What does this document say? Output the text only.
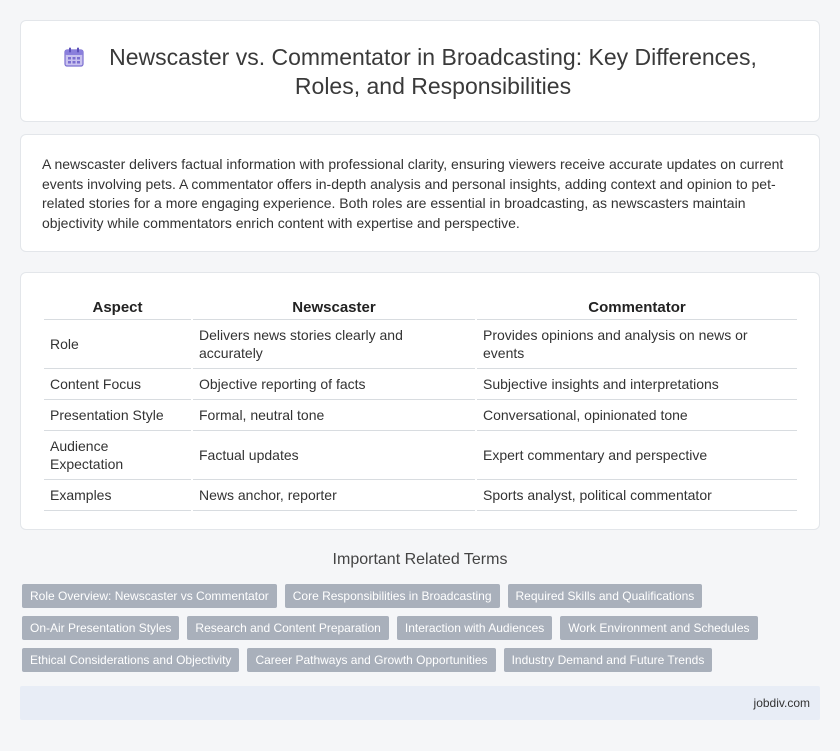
Newscaster vs. Commentator in Broadcasting: Key Differences, Roles, and Responsibilities

A newscaster delivers factual information with professional clarity, ensuring viewers receive accurate updates on current events involving pets. A commentator offers in-depth analysis and personal insights, adding context and opinion to pet-related stories for a more engaging experience. Both roles are essential in broadcasting, as newscasters maintain objectivity while commentators enrich content with expertise and perspective.

Aspect	Newscaster	Commentator
Role	Delivers news stories clearly and accurately	Provides opinions and analysis on news or events
Content Focus	Objective reporting of facts	Subjective insights and interpretations
Presentation Style	Formal, neutral tone	Conversational, opinionated tone
Audience Expectation	Factual updates	Expert commentary and perspective
Examples	News anchor, reporter	Sports analyst, political commentator
Important Related Terms
Role Overview: Newscaster vs Commentator	Core Responsibilities in Broadcasting	Required Skills and Qualifications
On-Air Presentation Styles	Research and Content Preparation	Interaction with Audiences	Work Environment and Schedules
Ethical Considerations and Objectivity	Career Pathways and Growth Opportunities	Industry Demand and Future Trends
jobdiv.com
